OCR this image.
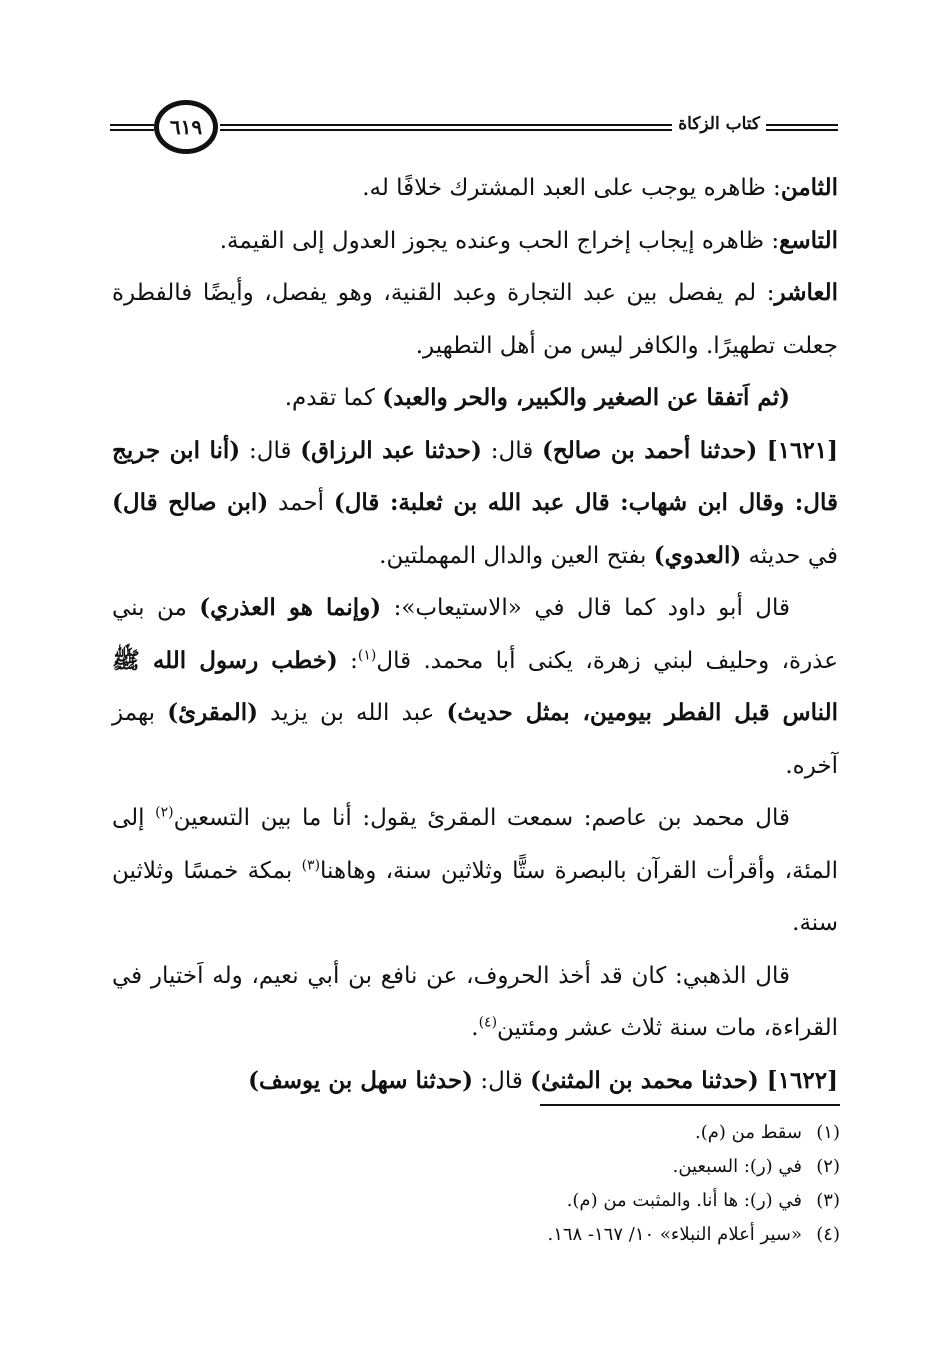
٦١٩	كتاب الزكاة

الثامن: ظاهره يوجب على العبد المشترك خلافًا له.

التاسع: ظاهره إيجاب إخراج الحب وعنده يجوز العدول إلى القيمة.

العاشر: لم يفصل بين عبد التجارة وعبد القنية، وهو يفصل، وأيضًا فالفطرة جعلت تطهيرًا. والكافر ليس من أهل التطهير.

(ثم اَتفقا عن الصغير والكبير، والحر والعبد) كما تقدم.

[١٦٢١] (حدثنا أحمد بن صالح) قال: (حدثنا عبد الرزاق) قال: (أنا ابن جريج قال: وقال ابن شهاب: قال عبد الله بن ثعلبة: قال) أحمد (ابن صالح قال) في حديثه (العدوي) بفتح العين والدال المهملتين.

قال أبو داود كما قال في «الاستيعاب»: (وإنما هو العذري) من بني عذرة، وحليف لبني زهرة، يكنى أبا محمد. قال$^{(١)}$: (خطب رسول الله ﷺ الناس قبل الفطر بيومين، بمثل حديث) عبد الله بن يزيد (المقرئ) بهمز آخره.

قال محمد بن عاصم: سمعت المقرئ يقول: أنا ما بين التسعين$^{(٢)}$ إلى المئة، وأقرأت القرآن بالبصرة ستًّا وثلاثين سنة، وهاهنا$^{(٣)}$ بمكة خمسًا وثلاثين سنة.

قال الذهبي: كان قد أخذ الحروف، عن نافع بن أبي نعيم، وله اَختيار في القراءة، مات سنة ثلاث عشر ومئتين$^{(٤)}$.

[١٦٢٢] (حدثنا محمد بن المثنىٰ) قال: (حدثنا سهل بن يوسف)

(١)سقط من (م).

(٢)في (ر): السبعين.

(٣)في (ر): ها أنا. والمثبت من (م).

(٤)«سير أعلام النبلاء» ١٠/ ١٦٧- ١٦٨.
